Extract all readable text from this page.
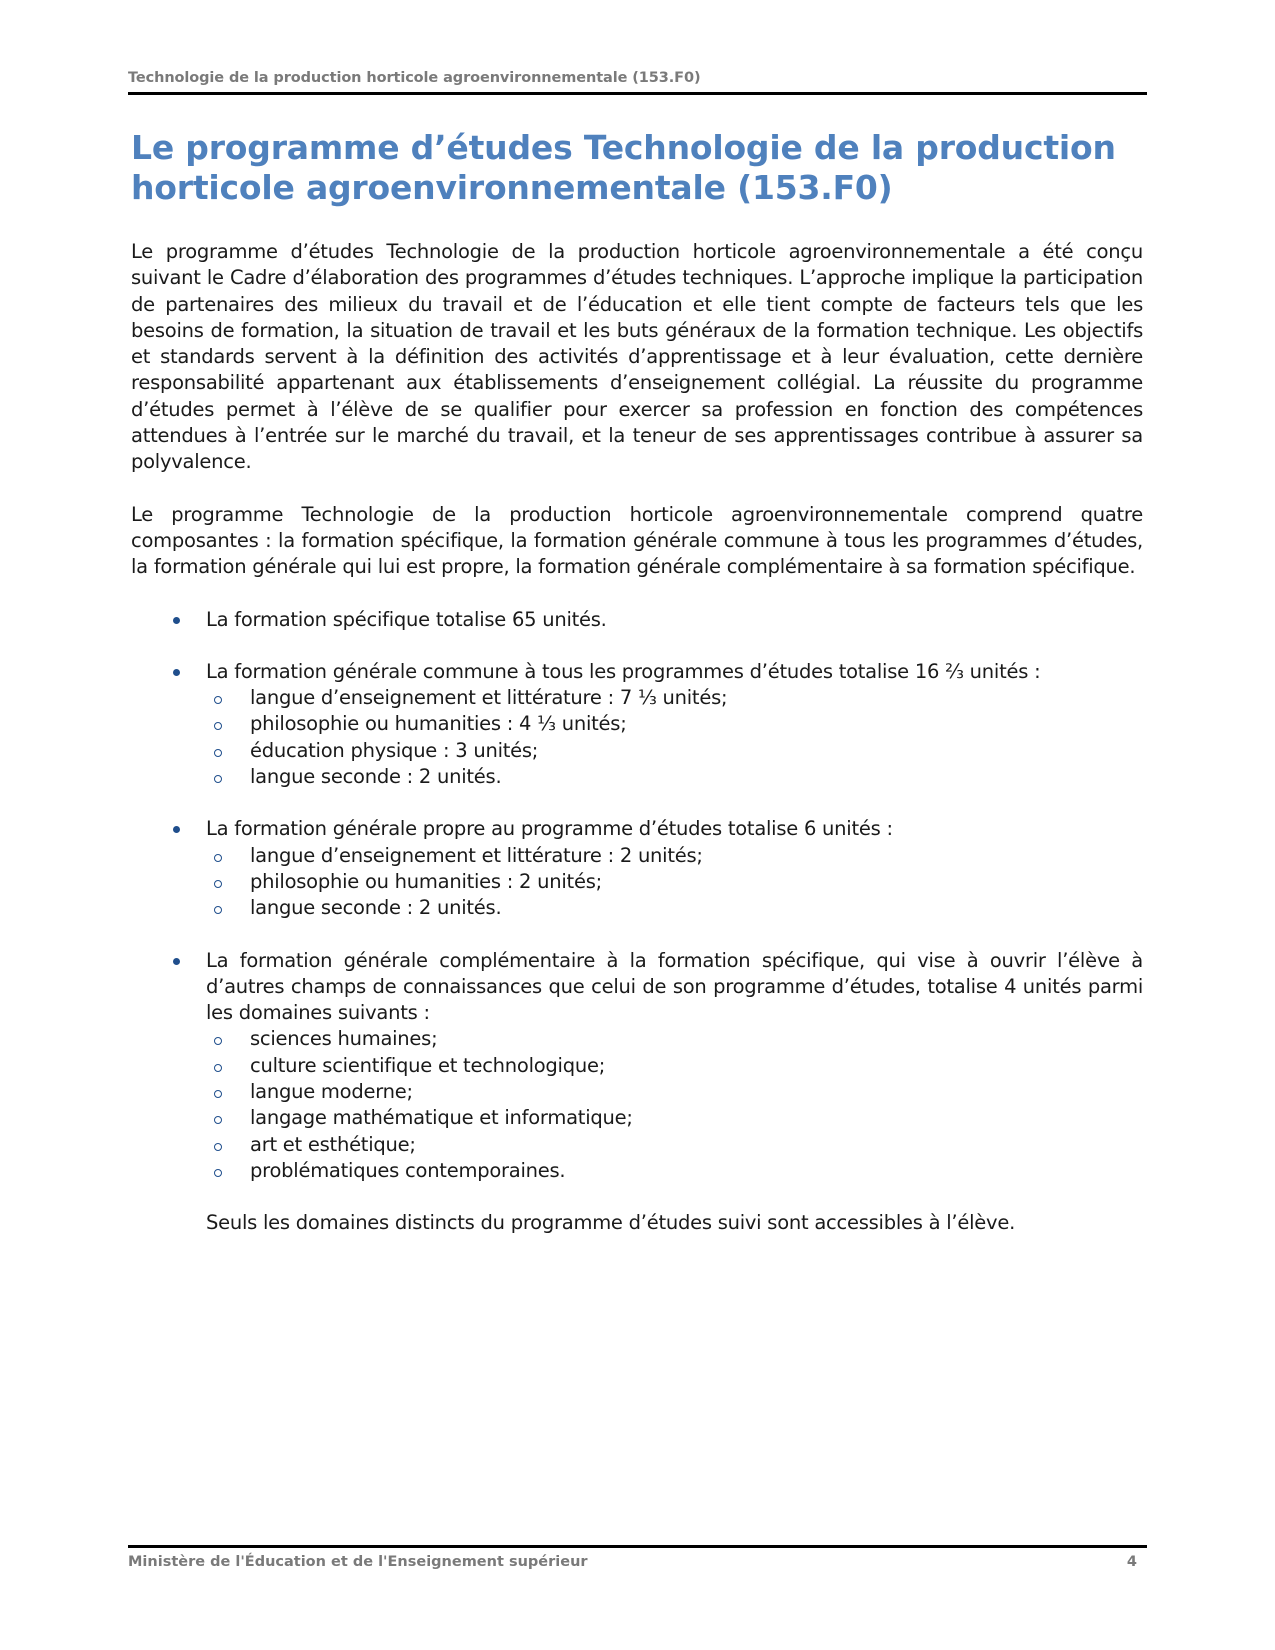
Technologie de la production horticole agroenvironnementale (153.F0)
Le programme d’études Technologie de la production horticole agroenvironnementale (153.F0)

Le programme d’études Technologie de la production horticole agroenvironnementale a été conçu suivant le Cadre d’élaboration des programmes d’études techniques. L’approche implique la participation de partenaires des milieux du travail et de l’éducation et elle tient compte de facteurs tels que les besoins de formation, la situation de travail et les buts généraux de la formation technique. Les objectifs et standards servent à la définition des activités d’apprentissage et à leur évaluation, cette dernière responsabilité appartenant aux établissements d’enseignement collégial. La réussite du programme d’études permet à l’élève de se qualifier pour exercer sa profession en fonction des compétences attendues à l’entrée sur le marché du travail, et la teneur de ses apprentissages contribue à assurer sa polyvalence.

Le programme Technologie de la production horticole agroenvironnementale comprend quatre composantes : la formation spécifique, la formation générale commune à tous les programmes d’études, la formation générale qui lui est propre, la formation générale complémentaire à sa formation spécifique.

La formation spécifique totalise 65 unités.
La formation générale commune à tous les programmes d’études totalise 16 ⅔ unités :
langue d’enseignement et littérature : 7 ⅓ unités;
philosophie ou humanities : 4 ⅓ unités;
éducation physique : 3 unités;
langue seconde : 2 unités.
La formation générale propre au programme d’études totalise 6 unités :
langue d’enseignement et littérature : 2 unités;
philosophie ou humanities : 2 unités;
langue seconde : 2 unités.
La formation générale complémentaire à la formation spécifique, qui vise à ouvrir l’élève à d’autres champs de connaissances que celui de son programme d’études, totalise 4 unités parmi les domaines suivants :
sciences humaines;
culture scientifique et technologique;
langue moderne;
langage mathématique et informatique;
art et esthétique;
problématiques contemporaines.
Seuls les domaines distincts du programme d’études suivi sont accessibles à l’élève.
Ministère de l'Éducation et de l'Enseignement supérieur	4
